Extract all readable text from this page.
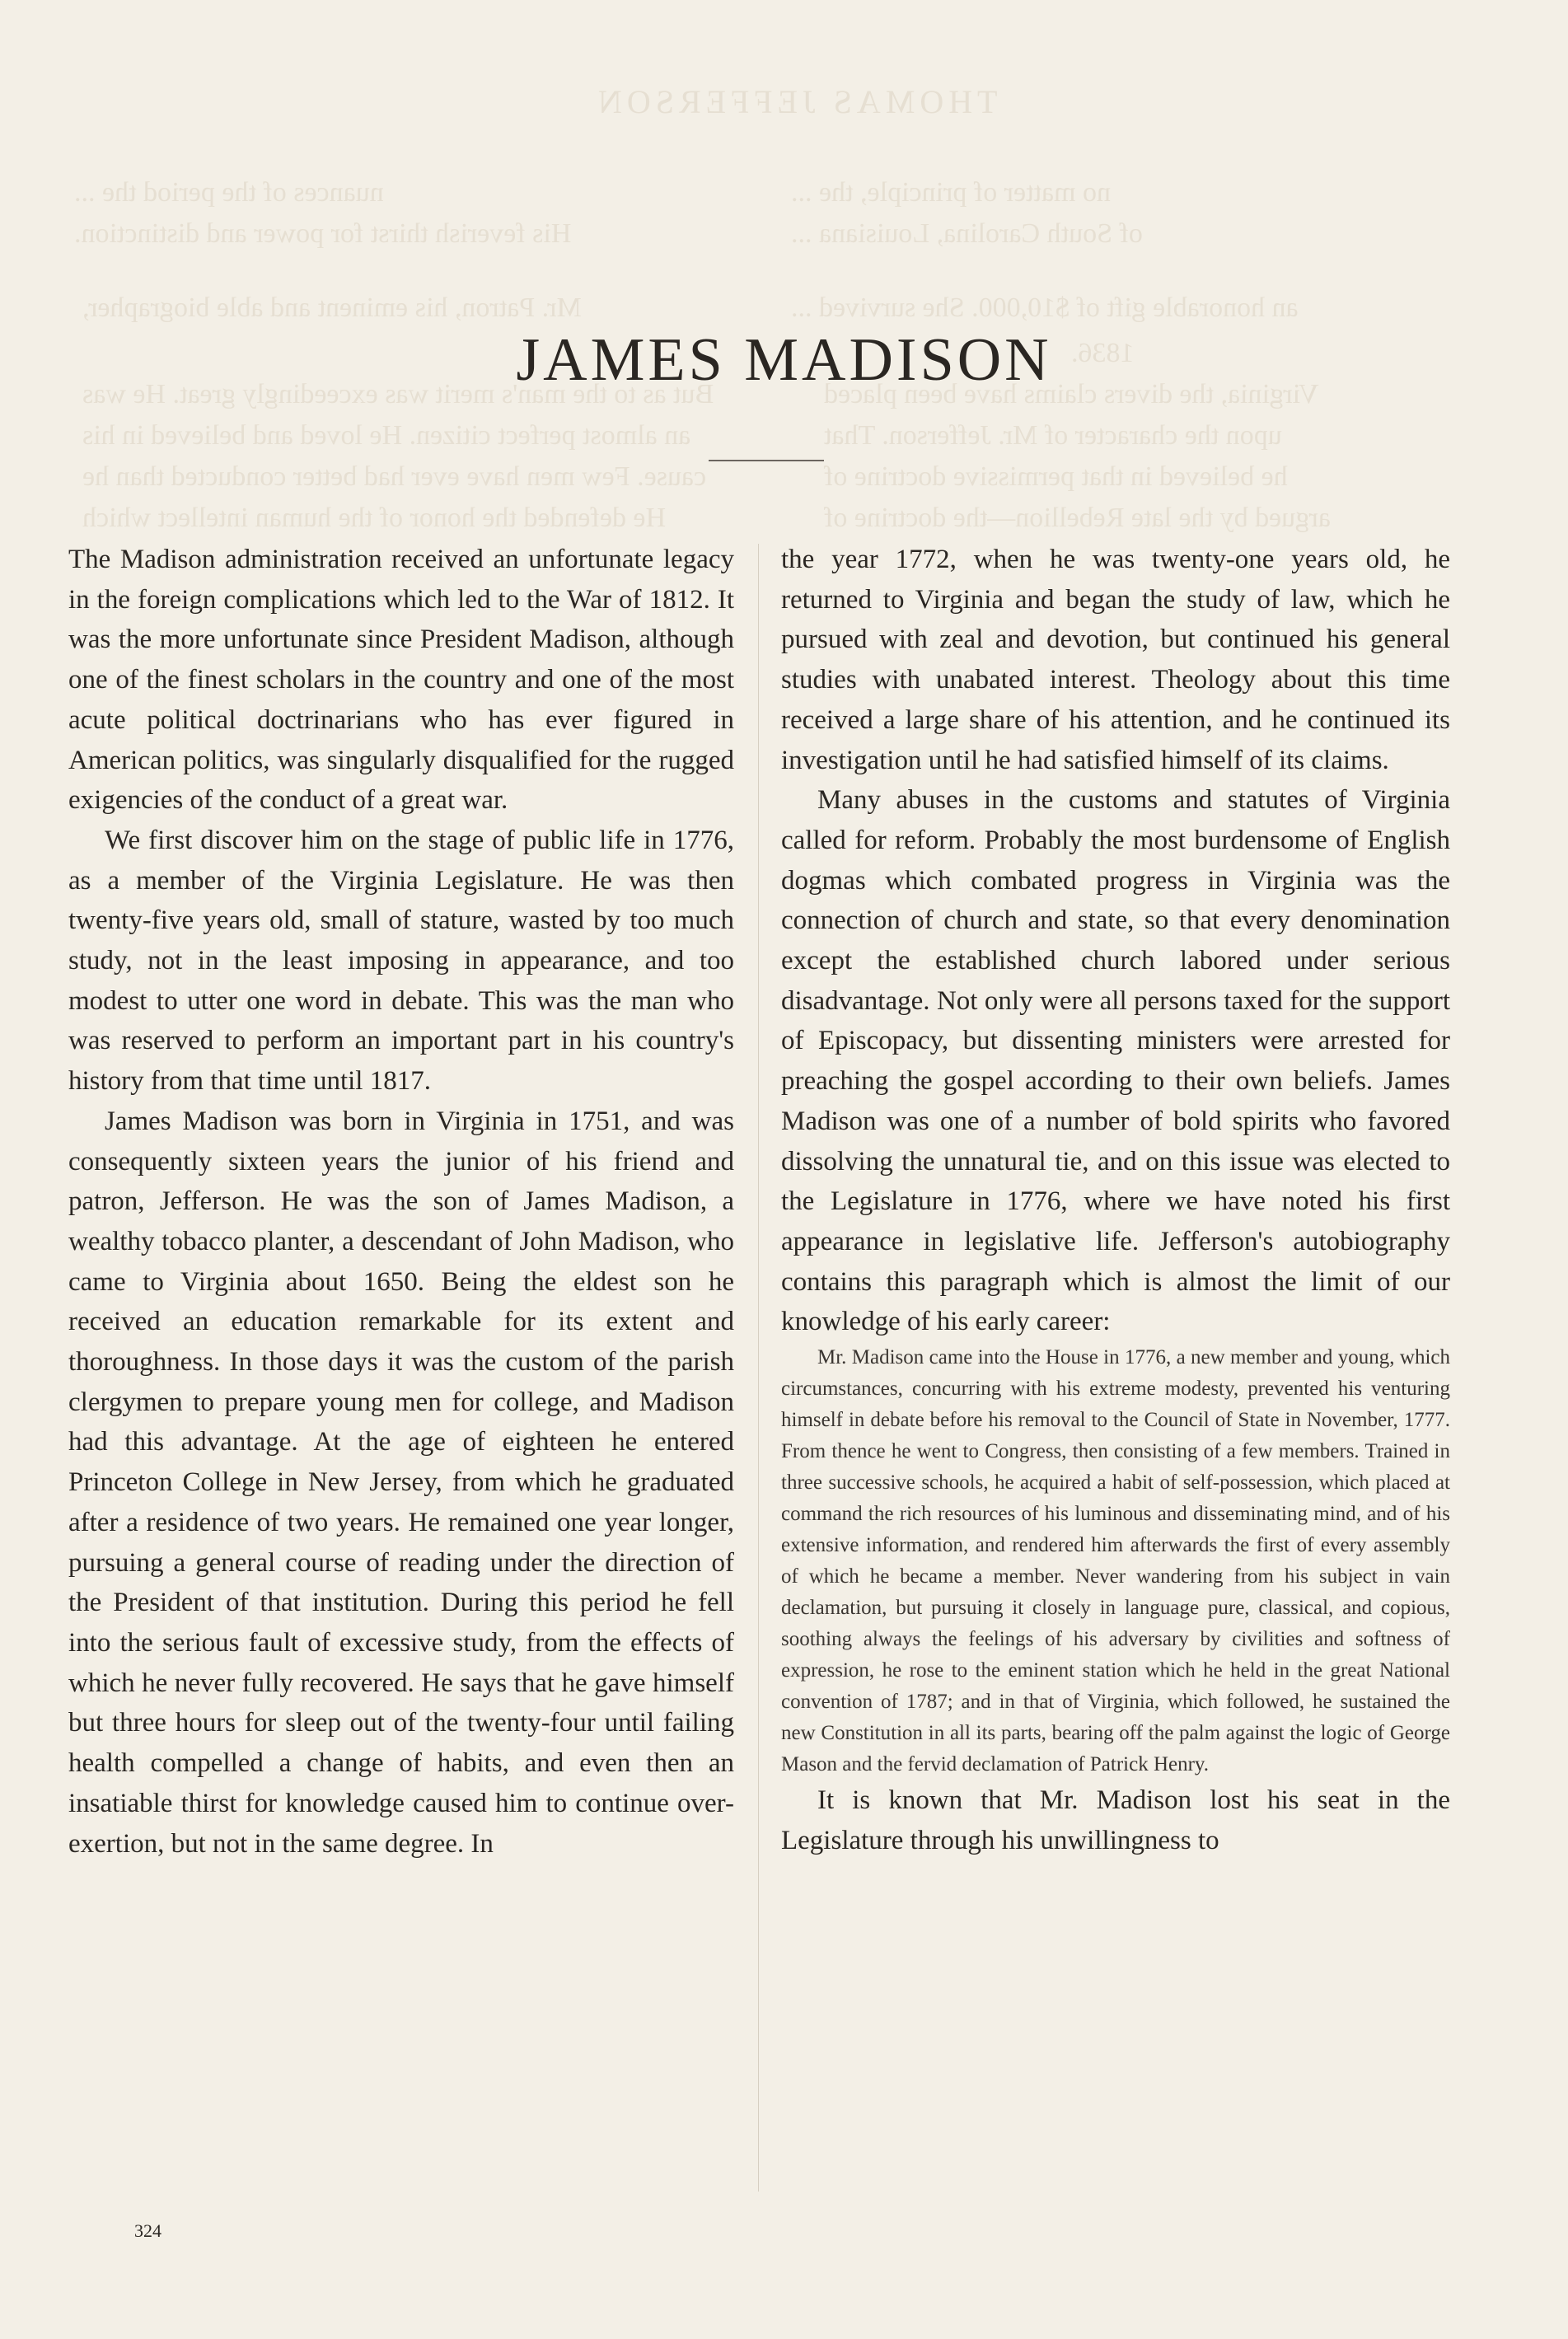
THOMAS JEFFERSON
nuances of the period the ...
His feverish thirst for power and distinction.
no matter of principle, the ...
of South Carolina, Louisiana ...
an honorable gift of $10,000. She survived ...
Mr. Patron, his eminent and able biographer,
1836.
Virginia, the divers claims have been placed
upon the character of Mr. Jefferson. That
he believed in that permissive doctrine of
argued by the late Rebellion—the doctrine of
But as to the man's merit was exceedingly great. He was
an almost perfect citizen. He loved and believed in his
cause. Few men have ever had better conducted than he
He defended the honor of the human intellect which
JAMES MADISON

The Madison administration received an unfortunate legacy in the foreign complications which led to the War of 1812. It was the more unfortunate since President Madison, although one of the finest scholars in the country and one of the most acute political doctrinarians who has ever figured in American politics, was singularly disqualified for the rugged exigencies of the conduct of a great war.

We first discover him on the stage of public life in 1776, as a member of the Virginia Legislature. He was then twenty-five years old, small of stature, wasted by too much study, not in the least imposing in appearance, and too modest to utter one word in debate. This was the man who was reserved to perform an important part in his country's history from that time until 1817.

James Madison was born in Virginia in 1751, and was consequently sixteen years the junior of his friend and patron, Jefferson. He was the son of James Madison, a wealthy tobacco planter, a descendant of John Madison, who came to Virginia about 1650. Being the eldest son he received an education remarkable for its extent and thoroughness. In those days it was the custom of the parish clergymen to prepare young men for college, and Madison had this advantage. At the age of eighteen he entered Princeton College in New Jersey, from which he graduated after a residence of two years. He remained one year longer, pursuing a general course of reading under the direction of the President of that institution. During this period he fell into the serious fault of excessive study, from the effects of which he never fully recovered. He says that he gave himself but three hours for sleep out of the twenty-four until failing health compelled a change of habits, and even then an insatiable thirst for knowledge caused him to continue over-exertion, but not in the same degree. In

the year 1772, when he was twenty-one years old, he returned to Virginia and began the study of law, which he pursued with zeal and devotion, but continued his general studies with unabated interest. Theology about this time received a large share of his attention, and he continued its investigation until he had satisfied himself of its claims.

Many abuses in the customs and statutes of Virginia called for reform. Probably the most burdensome of English dogmas which combated progress in Virginia was the connection of church and state, so that every denomination except the established church labored under serious disadvantage. Not only were all persons taxed for the support of Episcopacy, but dissenting ministers were arrested for preaching the gospel according to their own beliefs. James Madison was one of a number of bold spirits who favored dissolving the unnatural tie, and on this issue was elected to the Legislature in 1776, where we have noted his first appearance in legislative life. Jefferson's autobiography contains this paragraph which is almost the limit of our knowledge of his early career:

Mr. Madison came into the House in 1776, a new member and young, which circumstances, concurring with his extreme modesty, prevented his venturing himself in debate before his removal to the Council of State in November, 1777. From thence he went to Congress, then consisting of a few members. Trained in three successive schools, he acquired a habit of self-possession, which placed at command the rich resources of his luminous and disseminating mind, and of his extensive information, and rendered him afterwards the first of every assembly of which he became a member. Never wandering from his subject in vain declamation, but pursuing it closely in language pure, classical, and copious, soothing always the feelings of his adversary by civilities and softness of expression, he rose to the eminent station which he held in the great National convention of 1787; and in that of Virginia, which followed, he sustained the new Constitution in all its parts, bearing off the palm against the logic of George Mason and the fervid declamation of Patrick Henry.

It is known that Mr. Madison lost his seat in the Legislature through his unwillingness to

324
